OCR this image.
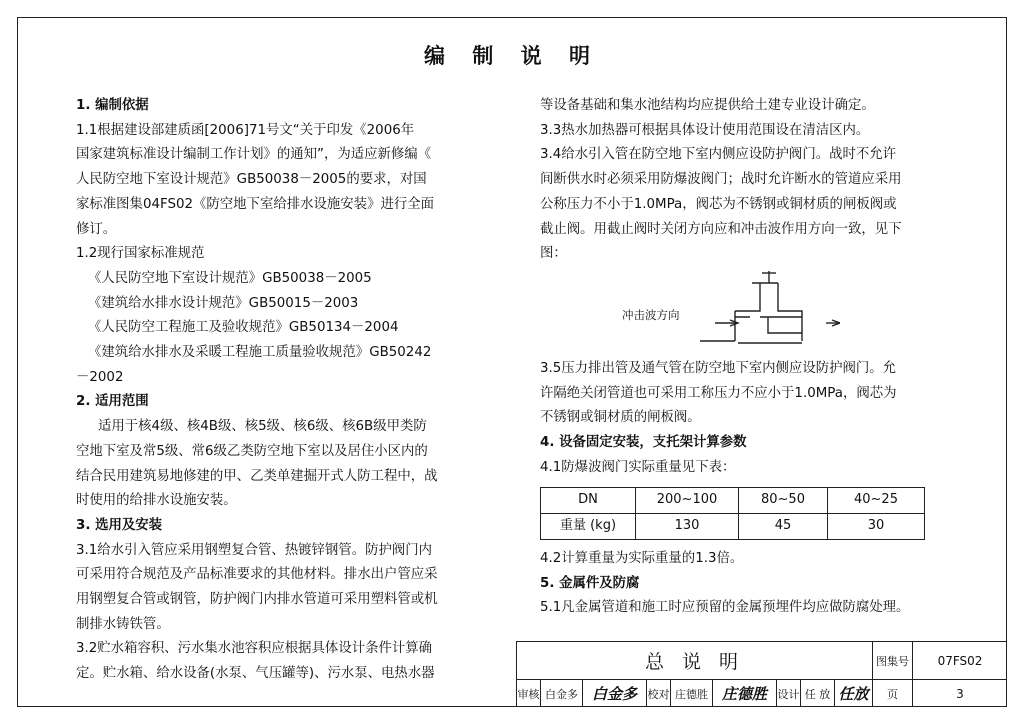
编 制 说 明

1. 编制依据

1.1根据建设部建质函[2006]71号文“关于印发《2006年

国家建筑标准设计编制工作计划》的通知”，为适应新修编《

人民防空地下室设计规范》GB50038－2005的要求，对国

家标准图集04FS02《防空地下室给排水设施安装》进行全面

修订。

1.2现行国家标准规范

《人民防空地下室设计规范》GB50038－2005

《建筑给水排水设计规范》GB50015－2003

《人民防空工程施工及验收规范》GB50134－2004

《建筑给水排水及采暖工程施工质量验收规范》GB50242

－2002

2. 适用范围

适用于核4级、核4B级、核5级、核6级、核6B级甲类防

空地下室及常5级、常6级乙类防空地下室以及居住小区内的

结合民用建筑易地修建的甲、乙类单建掘开式人防工程中，战

时使用的给排水设施安装。

3. 选用及安装

3.1给水引入管应采用钢塑复合管、热镀锌钢管。防护阀门内

可采用符合规范及产品标准要求的其他材料。排水出户管应采

用钢塑复合管或钢管，防护阀门内排水管道可采用塑料管或机

制排水铸铁管。

3.2贮水箱容积、污水集水池容积应根据具体设计条件计算确

定。贮水箱、给水设备(水泵、气压罐等)、污水泵、电热水器

等设备基础和集水池结构均应提供给土建专业设计确定。

3.3热水加热器可根据具体设计使用范围设在清洁区内。

3.4给水引入管在防空地下室内侧应设防护阀门。战时不允许

间断供水时必须采用防爆波阀门；战时允许断水的管道应采用

公称压力不小于1.0MPa，阀芯为不锈钢或铜材质的闸板阀或

截止阀。用截止阀时关闭方向应和冲击波作用方向一致，见下

图：

冲击波方向

3.5压力排出管及通气管在防空地下室内侧应设防护阀门。允

许隔绝关闭管道也可采用工称压力不应小于1.0MPa，阀芯为

不锈钢或铜材质的闸板阀。

4. 设备固定安装，支托架计算参数

4.1防爆波阀门实际重量见下表：

DN	200~100	80~50	40~25
重量 (kg)	130	45	30

4.2计算重量为实际重量的1.3倍。

5. 金属件及防腐

5.1凡金属管道和施工时应预留的金属预埋件均应做防腐处理。

总 说 明	图集号	07FS02
审核 白金多 白金多 校对 庄德胜 庄德胜 设计 任 放 任放	页	3
